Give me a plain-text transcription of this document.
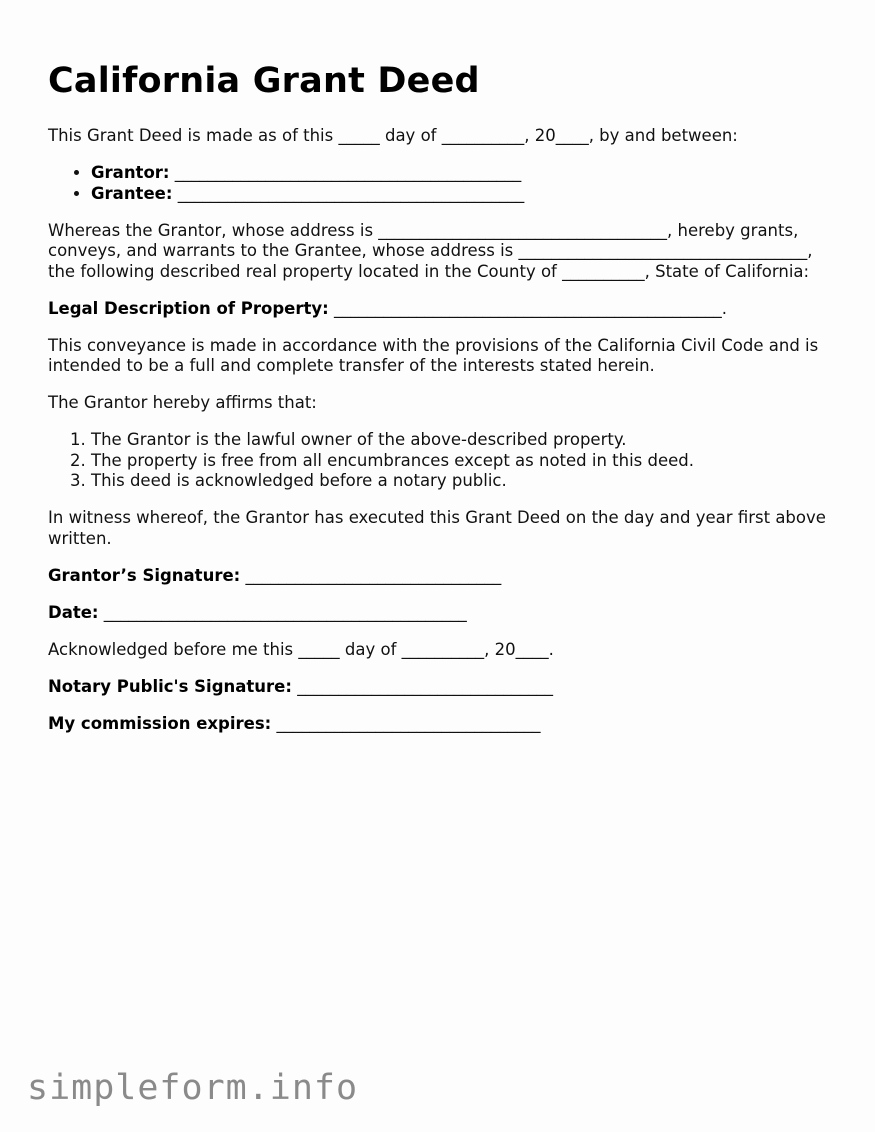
California Grant Deed

This Grant Deed is made as of this _____ day of __________, 20____, by and between:

• Grantor: __________________________________________
• Grantee: __________________________________________

Whereas the Grantor, whose address is ___________________________________, hereby grants, conveys, and warrants to the Grantee, whose address is ___________________________________, the following described real property located in the County of __________, State of California:

Legal Description of Property: _______________________________________________.

This conveyance is made in accordance with the provisions of the California Civil Code and is intended to be a full and complete transfer of the interests stated herein.

The Grantor hereby affirms that:

1. The Grantor is the lawful owner of the above-described property.
2. The property is free from all encumbrances except as noted in this deed.
3. This deed is acknowledged before a notary public.

In witness whereof, the Grantor has executed this Grant Deed on the day and year first above written.

Grantor’s Signature: _______________________________

Date: ____________________________________________

Acknowledged before me this _____ day of __________, 20____.

Notary Public's Signature: _______________________________

My commission expires: ________________________________

simpleform.info
